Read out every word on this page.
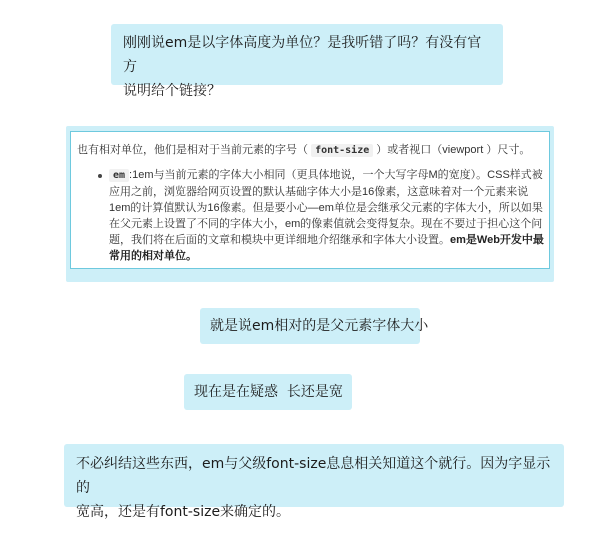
刚刚说em是以字体高度为单位？是我听错了吗？有没有官方
说明给个链接？
也有相对单位，他们是相对于当前元素的字号（ font-size ）或者视口（viewport ）尺寸。
em :1em与当前元素的字体大小相同（更具体地说，一个大写字母M的宽度）。CSS样式被应用之前，浏览器给网页设置的默认基础字体大小是16像素，这意味着对一个元素来说1em的计算值默认为16像素。但是要小心—em单位是会继承父元素的字体大小，所以如果在父元素上设置了不同的字体大小，em的像素值就会变得复杂。现在不要过于担心这个问题，我们将在后面的文章和模块中更详细地介绍继承和字体大小设置。em是Web开发中最常用的相对单位。
就是说em相对的是父元素字体大小
现在是在疑惑  长还是宽
不必纠结这些东西，em与父级font-size息息相关知道这个就行。因为字显示的
宽高，还是有font-size来确定的。
